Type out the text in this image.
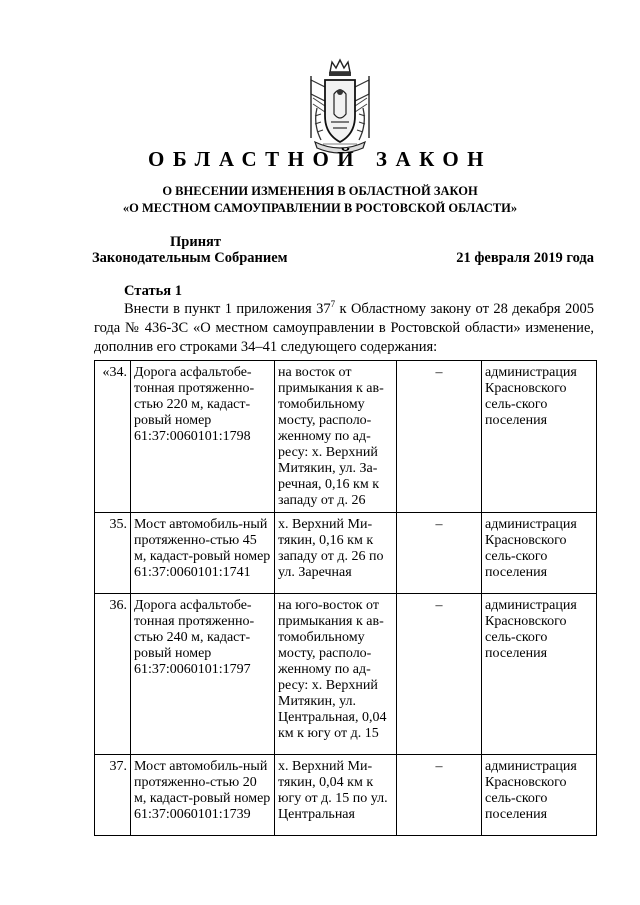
ОБЛАСТНОЙ ЗАКОН
О ВНЕСЕНИИ ИЗМЕНЕНИЯ В ОБЛАСТНОЙ ЗАКОН
«О МЕСТНОМ САМОУПРАВЛЕНИИ В РОСТОВСКОЙ ОБЛАСТИ»
Принят
Законодательным Собранием	21 февраля 2019 года
Статья 1
Внести в пункт 1 приложения $37^7$ к Областному закону от 28 декабря 2005 года № 436-ЗС «О местном самоуправлении в Ростовской области» изменение, дополнив его строками 34–41 следующего содержания:
«34.	Дорога асфальтобе-тонная протяженно-стью 220 м, кадаст-ровый номер 61:37:0060101:1798	на восток от примыкания к ав-томобильному мосту, располо-женному по ад-ресу: х. Верхний Митякин, ул. За-речная, 0,16 км к западу от д. 26	–	администрация Красновского сель-ского поселения
35.	Мост автомобиль-ный протяженно-стью 45 м, кадаст-ровый номер 61:37:0060101:1741	х. Верхний Ми-тякин, 0,16 км к западу от д. 26 по ул. Заречная	–	администрация Красновского сель-ского поселения
36.	Дорога асфальтобе-тонная протяженно-стью 240 м, кадаст-ровый номер 61:37:0060101:1797	на юго-восток от примыкания к ав-томобильному мосту, располо-женному по ад-ресу: х. Верхний Митякин, ул. Центральная, 0,04 км к югу от д. 15	–	администрация Красновского сель-ского поселения
37.	Мост автомобиль-ный протяженно-стью 20 м, кадаст-ровый номер 61:37:0060101:1739	х. Верхний Ми-тякин, 0,04 км к югу от д. 15 по ул. Центральная	–	администрация Красновского сель-ского поселения
